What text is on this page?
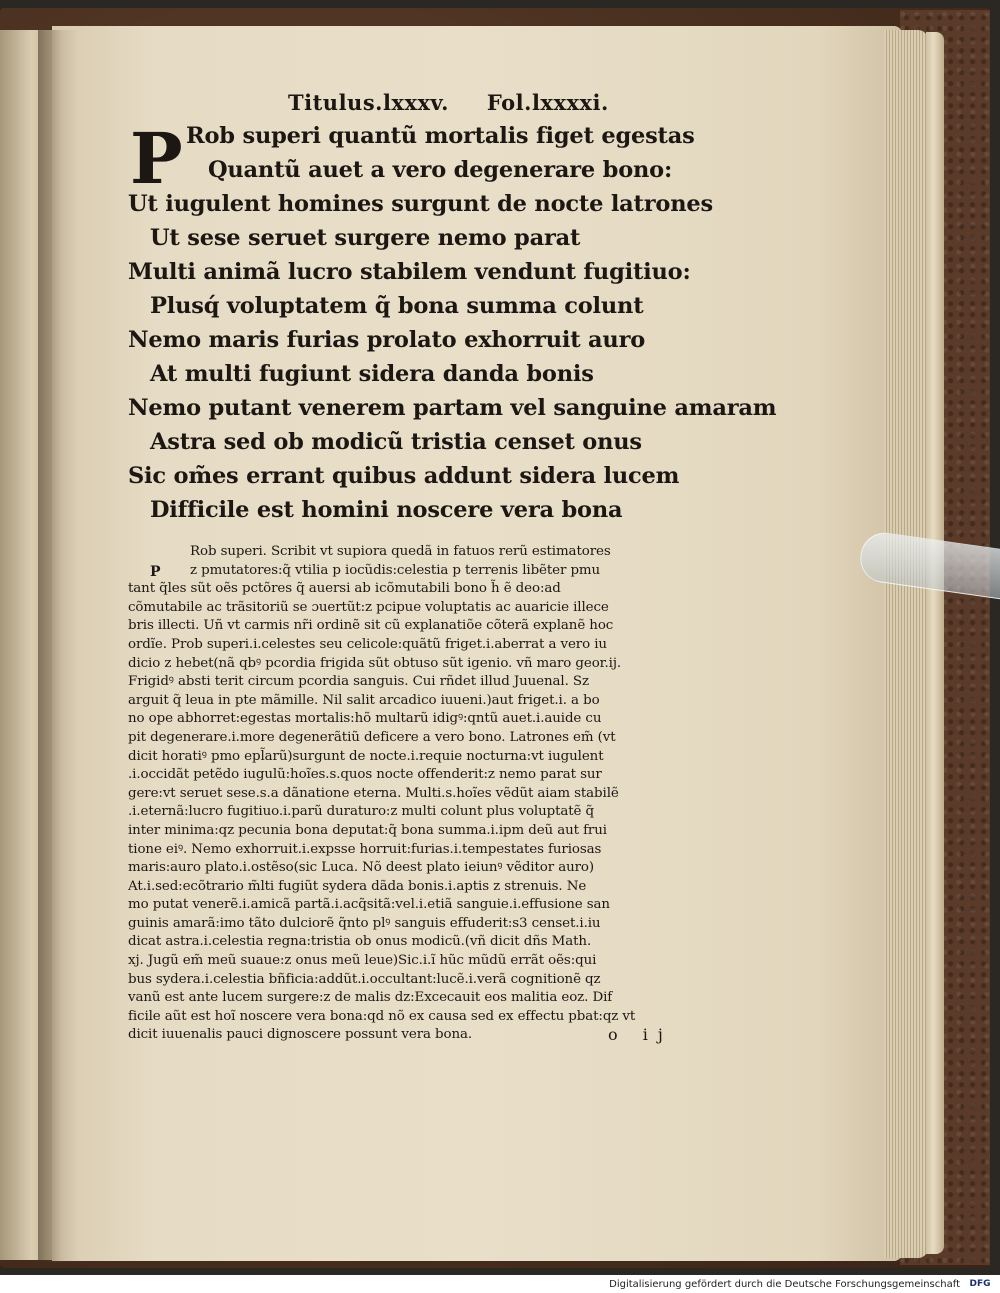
Titulus.lxxxv. Fol.lxxxxi.
P Rob superi quantũ mortalis figet egestas
Quantũ auet a vero degenerare bono:
Ut iugulent homines surgunt de nocte latrones
Ut sese seruet surgere nemo parat
Multi animã lucro stabilem vendunt fugitiuo:
Plusq́ voluptatem q̃ bona summa colunt
Nemo maris furias prolato exhorruit auro
At multi fugiunt sidera danda bonis
Nemo putant venerem partam vel sanguine amaram
Astra sed ob modicũ tristia censet onus
Sic om̃es errant quibus addunt sidera lucem
Difficile est homini noscere vera bona
P
Rob superi. Scribit vt supiora quedã in fatuos rerũ estimatores
z pmutatores:q̃ vtilia p iocũdis:celestia p terrenis libẽter pmu
tant q̃les sũt oẽs pctõres q̃ auersi ab icõmutabili bono h̃ ẽ deo:ad
cõmutabile ac trãsitoriũ se ɔuertũt:z pcipue voluptatis ac auaricie illece
bris illecti. Uñ vt carmis nr̃i ordinẽ sit cũ explanatiõe cõterã explanẽ hoc
ordĩe. Prob superi.i.celestes seu celicole:quãtũ friget.i.aberrat a vero iu
dicio z hebet(nã qbꝰ pcordia frigida sũt obtuso sũt igenio. vñ maro geor.ij.
Frigidꝰ absti terit circum pcordia sanguis. Cui rñdet illud Juuenal. Sz
arguit q̃ leua in pte mãmille. Nil salit arcadico iuueni.)aut friget.i. a bo
no ope abhorret:egestas mortalis:hõ multarũ idigꝰ:qntũ auet.i.auide cu
pit degenerare.i.more degenerãtiũ deficere a vero bono. Latrones em̃ (vt
dicit horatiꝰ pmo epl̃arũ)surgunt de nocte.i.requie nocturna:vt iugulent
.i.occidãt petẽdo iugulũ:hoĩes.s.quos nocte offenderit:z nemo parat sur
gere:vt seruet sese.s.a dãnatione eterna. Multi.s.hoĩes vẽdũt aiam stabilẽ
.i.eternã:lucro fugitiuo.i.parũ duraturo:z multi colunt plus voluptatẽ q̃
inter minima:qz pecunia bona deputat:q̃ bona summa.i.ipm deũ aut frui
tione eiꝰ. Nemo exhorruit.i.expsse horruit:furias.i.tempestates furiosas
maris:auro plato.i.ostẽso(sic Luca. Nõ deest plato ieiunꝰ vẽditor auro)
At.i.sed:ecõtrario m̃lti fugiũt sydera dãda bonis.i.aptis z strenuis. Ne
mo putat venerẽ.i.amicã partã.i.acq̃sitã:vel.i.etiã sanguie.i.effusione san
guinis amarã:imo tãto dulciorẽ q̃nto plꝰ sanguis effuderit:s3 censet.i.iu
dicat astra.i.celestia regna:tristia ob onus modicũ.(vñ dicit dñs Math.
xj. Jugũ em̃ meũ suaue:z onus meũ leue)Sic.i.ĩ hũc mũdũ errãt oẽs:qui
bus sydera.i.celestia bñficia:addũt.i.occultant:lucẽ.i.verã cognitionẽ qz
vanũ est ante lucem surgere:z de malis dz:Excecauit eos malitia eoz. Dif
ficile aũt est hoĩ noscere vera bona:qd nõ ex causa sed ex effectu pbat:qz vt
dicit iuuenalis pauci dignoscere possunt vera bona.	o ij
Digitalisierung gefördert durch die Deutsche Forschungsgemeinschaft	DFG
